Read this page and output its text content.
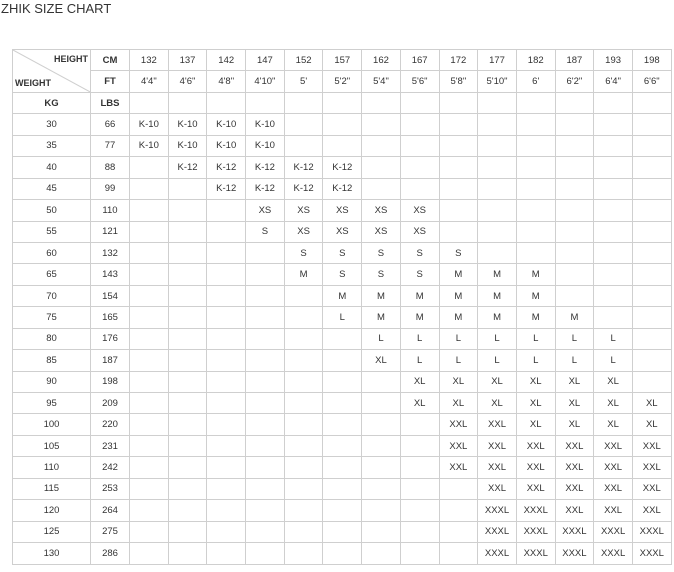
ZHIK SIZE CHART
HEIGHT
WEIGHT	CM	132	137	142	147	152	157	162	167	172	177	182	187	193	198
	FT	4'4"	4'6"	4'8"	4'10"	5'	5'2"	5'4"	5'6"	5'8"	5'10"	6'	6'2"	6'4"	6'6"
KG	LBS														
30	66	K-10	K-10	K-10	K-10										
35	77	K-10	K-10	K-10	K-10										
40	88		K-12	K-12	K-12	K-12	K-12								
45	99			K-12	K-12	K-12	K-12								
50	110				XS	XS	XS	XS	XS						
55	121				S	XS	XS	XS	XS						
60	132					S	S	S	S	S					
65	143					M	S	S	S	M	M	M			
70	154						M	M	M	M	M	M			
75	165						L	M	M	M	M	M	M		
80	176							L	L	L	L	L	L	L	
85	187							XL	L	L	L	L	L	L	
90	198								XL	XL	XL	XL	XL	XL	
95	209								XL	XL	XL	XL	XL	XL	XL
100	220									XXL	XXL	XL	XL	XL	XL
105	231									XXL	XXL	XXL	XXL	XXL	XXL
110	242									XXL	XXL	XXL	XXL	XXL	XXL
115	253										XXL	XXL	XXL	XXL	XXL
120	264										XXXL	XXXL	XXL	XXL	XXL
125	275										XXXL	XXXL	XXXL	XXXL	XXXL
130	286										XXXL	XXXL	XXXL	XXXL	XXXL
